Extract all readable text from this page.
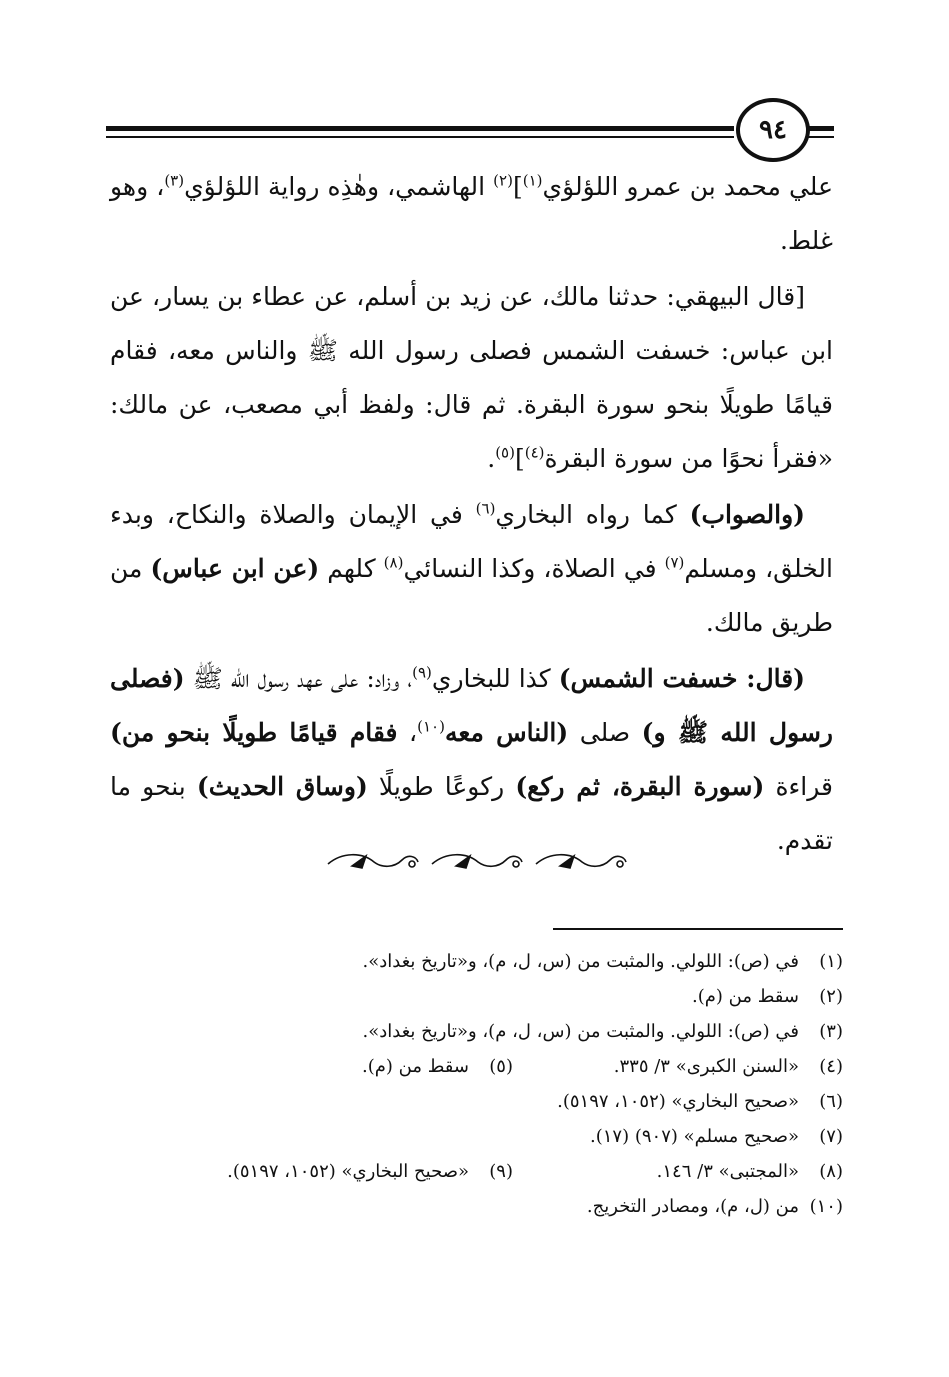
٩٤

علي محمد بن عمرو اللؤلؤي$^{(١)}$]$^{(٢)}$ الهاشمي، وهٰذِه رواية اللؤلؤي$^{(٣)}$، وهو غلط.

[قال البيهقي: حدثنا مالك، عن زيد بن أسلم، عن عطاء بن يسار، عن ابن عباس: خسفت الشمس فصلى رسول الله ﷺ والناس معه، فقام قيامًا طويلًا بنحو سورة البقرة. ثم قال: ولفظ أبي مصعب، عن مالك: «فقرأ نحوًا من سورة البقرة$^{(٤)}$]$^{(٥)}$.

(والصواب) كما رواه البخاري$^{(٦)}$ في الإيمان والصلاة والنكاح، وبدء الخلق، ومسلم$^{(٧)}$ في الصلاة، وكذا النسائي$^{(٨)}$ كلهم (عن ابن عباس) من طريق مالك.

(قال: خسفت الشمس) كذا للبخاري$^{(٩)}$، وزاد: على عهد رسول الله ﷺ (فصلى رسول الله ﷺ و) صلى (الناس معه$^{(١٠)}$، فقام قيامًا طويلًا بنحو من) قراءة (سورة البقرة، ثم ركع) ركوعًا طويلًا (وساق الحديث) بنحو ما تقدم.

(١)
في (ص): اللولي. والمثبت من (س، ل، م)، و«تاريخ بغداد».
(٢)
سقط من (م).
(٣)
في (ص): اللولي. والمثبت من (س، ل، م)، و«تاريخ بغداد».
(٤)
«السنن الكبرى» ٣/ ٣٣٥.
(٥)
سقط من (م).
(٦)
«صحيح البخاري» (١٠٥٢، ٥١٩٧).
(٧)
«صحيح مسلم» (٩٠٧) (١٧).
(٨)
«المجتبى» ٣/ ١٤٦.
(٩)
«صحيح البخاري» (١٠٥٢، ٥١٩٧).
(١٠)
من (ل، م)، ومصادر التخريج.
